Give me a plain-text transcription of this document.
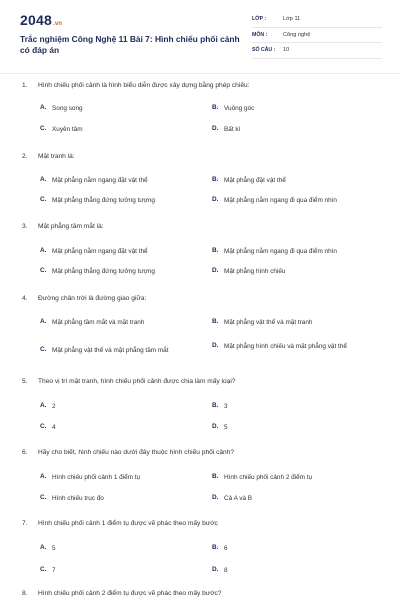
2048.vn
Trắc nghiệm Công Nghệ 11 Bài 7: Hình chiếu phối cảnh có đáp án
LỚP :	Lớp 11
MÔN :	Công nghệ
SỐ CÂU :	10
1. Hình chiếu phối cảnh là hình biểu diễn được xây dựng bằng phép chiếu:
A. Song song	B. Vuông góc
C. Xuyên tâm	D. Bất kì
2. Mặt tranh là:
A. Mặt phẳng nằm ngang đặt vật thể	B. Mặt phẳng đặt vật thể
C. Mặt phẳng thẳng đứng tưởng tượng	D. Mặt phẳng nằm ngang đi qua điểm nhìn
3. Mặt phẳng tầm mắt là:
A. Mặt phẳng nằm ngang đặt vật thể	B. Mặt phẳng nằm ngang đi qua điểm nhìn
C. Mặt phẳng thẳng đứng tưởng tượng	D. Mặt phẳng hình chiếu
4. Đường chân trời là đường giao giữa:
A. Mặt phẳng tầm mắt và mặt tranh	B. Mặt phẳng vật thể và mặt tranh
C. Mặt phẳng vật thể và mặt phẳng tầm mắt
D. Mặt phẳng hình chiếu và mặt phẳng vật thể
5. Theo vị trí mặt tranh, hình chiếu phối cảnh được chia làm mấy loại?
A. 2	B. 3
C. 4	D. 5
6. Hãy cho biết, hình chiếu nào dưới đây thuộc hình chiếu phối cảnh?
A. Hình chiếu phối cảnh 1 điểm tụ	B. Hình chiếu phối cảnh 2 điểm tụ
C. Hình chiếu trục đo	D. Cả A và B
7. Hình chiếu phối cảnh 1 điểm tụ được vẽ phác theo mấy bước
A. 5	B. 6
C. 7	D. 8
8. Hình chiếu phối cảnh 2 điểm tụ được vẽ phác theo mấy bước?
